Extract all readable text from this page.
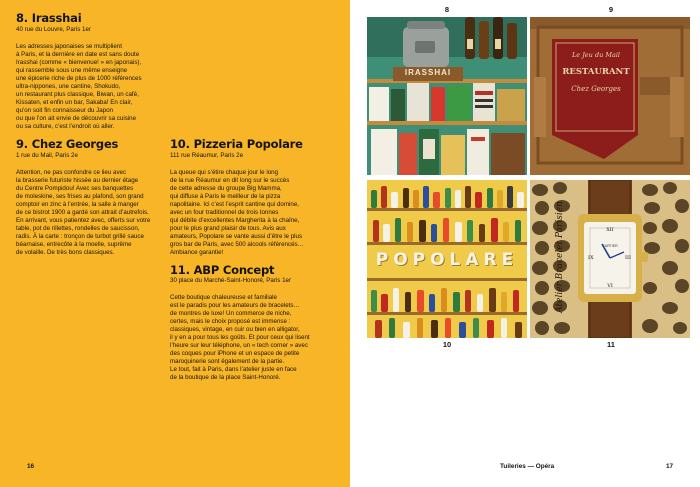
8. Irasshai
40 rue du Louvre, Paris 1er
Les adresses japonaises se multiplient
à Paris, et la dernière en date est sans doute
Irasshai (comme « bienvenue! » en japonais),
qui rassemble sous une même enseigne
une épicerie riche de plus de 1000 références
ultra-nippones, une cantine, Shokudo,
un restaurant plus classique, Biwan, un café,
Kissaten, et enfin un bar, Sakaba! En clair,
qu’on soit fin connaisseur du Japon
ou que l’on ait envie de découvrir sa cuisine
ou sa culture, c’est l’endroit où aller.
9. Chez Georges
1 rue du Mail, Paris 2e
Attention, ne pas confondre ce lieu avec
la brasserie futuriste hissée au dernier étage
du Centre Pompidou! Avec ses banquettes
de moleskine, ses frises au plafond, son grand
comptoir en zinc à l’entrée, la salle à manger
de ce bistrot 1900 a gardé son attrait d’autrefois.
En arrivant, vous patientez avec, offerts sur votre
table, pot de rillettes, rondelles de saucisson,
radis. À la carte : tronçon de turbot grillé sauce
béarnaise, entrecôte à la moelle, suprême
de volaille. De très bons classiques.
10. Pizzeria Popolare
111 rue Réaumur, Paris 2e
La queue qui s’étire chaque jour le long
de la rue Réaumur en dit long sur le succès
de cette adresse du groupe Big Mamma,
qui diffuse à Paris le meilleur de la pizza
napolitaine. Ici c’est l’esprit cantine qui domine,
avec un four traditionnel de trois tonnes
qui débite d’excellentes Margherita à la chaîne,
pour le plus grand plaisir de tous. Avis aux
amateurs, Popolare se vante aussi d’être le plus
gros bar de Paris, avec 500 alcools référencés…
Ambiance garantie!
11. ABP Concept
30 place du Marché-Saint-Honoré, Paris 1er
Cette boutique chaleureuse et familiale
est le paradis pour les amateurs de bracelets…
de montres de luxe! Un commerce de niche,
certes, mais le choix proposé est immense :
classiques, vintage, en cuir ou bien en alligator,
il y en a pour tous les goûts. Et pour ceux qui lisent
l’heure sur leur téléphone, un « tech corner » avec
des coques pour iPhone et un espace de petite
maroquinerie sont également de la partie.
Le tout, fait à Paris, dans l’atelier juste en face
de la boutique de la place Saint-Honoré.
16
8	9
10	11
IRASSHAI
Le Jeu du Mail
RESTAURANT
Chez Georges
POPOLARE
CARTIER
XII
III
VI
IX
Atelier Bracelet Parisien
Tuileries — Opéra	17
